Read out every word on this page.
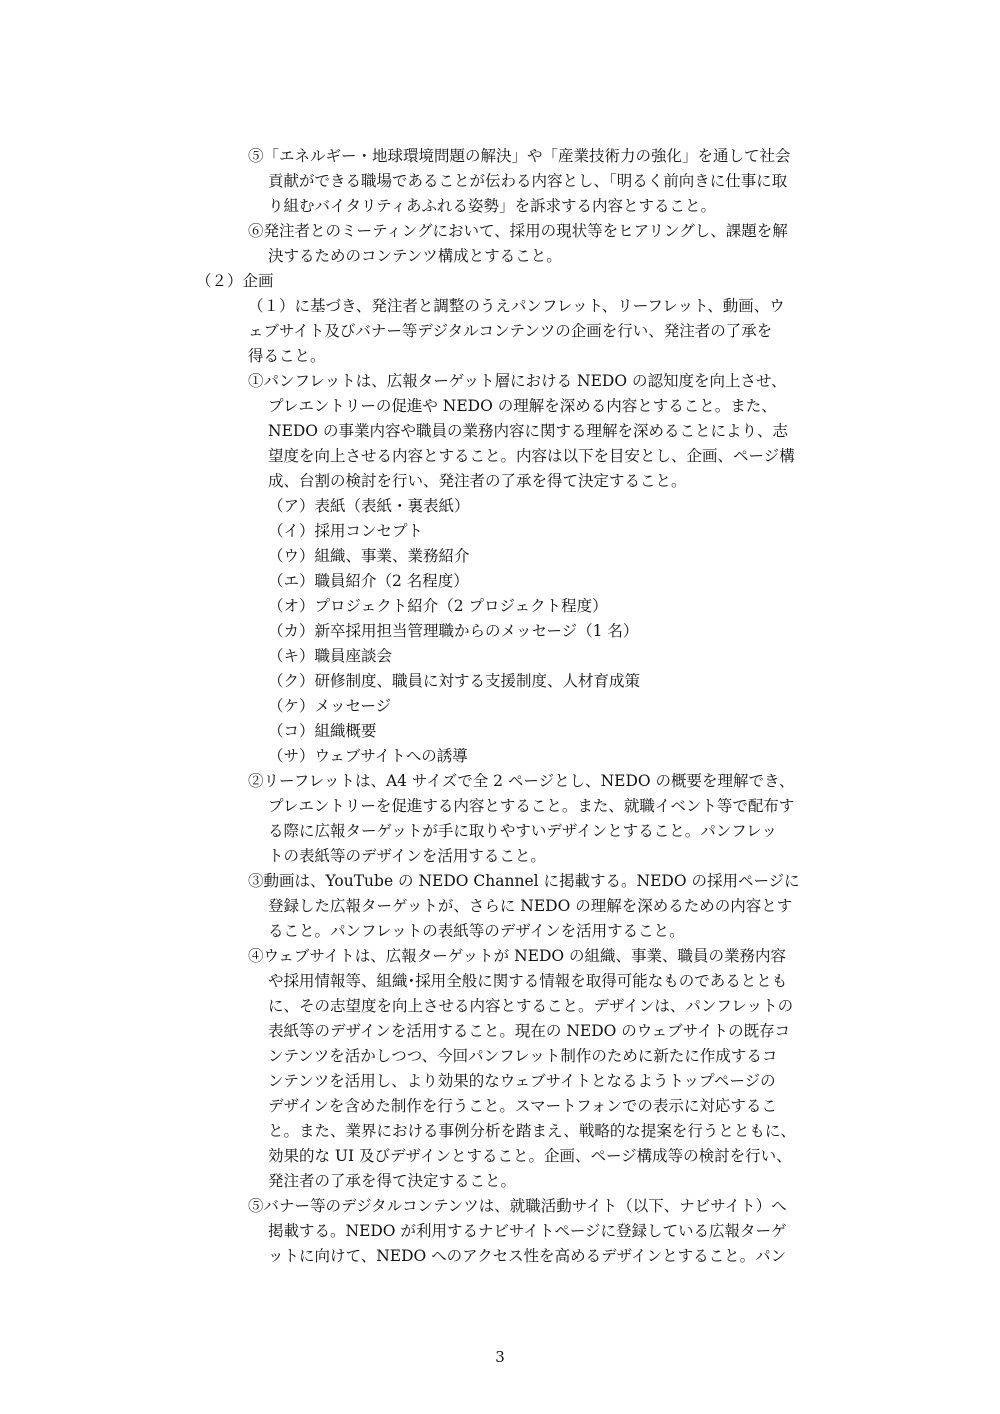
⑤「エネルギー・地球環境問題の解決」や「産業技術力の強化」を通して社会
貢献ができる職場であることが伝わる内容とし、「明るく前向きに仕事に取
り組むバイタリティあふれる姿勢」を訴求する内容とすること。
⑥発注者とのミーティングにおいて、採用の現状等をヒアリングし、課題を解
決するためのコンテンツ構成とすること。
（２）企画
（１）に基づき、発注者と調整のうえパンフレット、リーフレット、動画、ウ
ェブサイト及びバナー等デジタルコンテンツの企画を行い、発注者の了承を
得ること。
①パンフレットは、広報ターゲット層における NEDO の認知度を向上させ、
プレエントリーの促進や NEDO の理解を深める内容とすること。また、
NEDO の事業内容や職員の業務内容に関する理解を深めることにより、志
望度を向上させる内容とすること。内容は以下を目安とし、企画、ページ構
成、台割の検討を行い、発注者の了承を得て決定すること。
（ア）表紙（表紙・裏表紙）
（イ）採用コンセプト
（ウ）組織、事業、業務紹介
（エ）職員紹介（2 名程度）
（オ）プロジェクト紹介（2 プロジェクト程度）
（カ）新卒採用担当管理職からのメッセージ（1 名）
（キ）職員座談会
（ク）研修制度、職員に対する支援制度、人材育成策
（ケ）メッセージ
（コ）組織概要
（サ）ウェブサイトへの誘導
②リーフレットは、A4 サイズで全 2 ページとし、NEDO の概要を理解でき、
プレエントリーを促進する内容とすること。また、就職イベント等で配布す
る際に広報ターゲットが手に取りやすいデザインとすること。パンフレッ
トの表紙等のデザインを活用すること。
③動画は、YouTube の NEDO Channel に掲載する。NEDO の採用ページに
登録した広報ターゲットが、さらに NEDO の理解を深めるための内容とす
ること。パンフレットの表紙等のデザインを活用すること。
④ウェブサイトは、広報ターゲットが NEDO の組織、事業、職員の業務内容
や採用情報等、組織･採用全般に関する情報を取得可能なものであるととも
に、その志望度を向上させる内容とすること。デザインは、パンフレットの
表紙等のデザインを活用すること。現在の NEDO のウェブサイトの既存コ
ンテンツを活かしつつ、今回パンフレット制作のために新たに作成するコ
ンテンツを活用し、より効果的なウェブサイトとなるようトップページの
デザインを含めた制作を行うこと。スマートフォンでの表示に対応するこ
と。また、業界における事例分析を踏まえ、戦略的な提案を行うとともに、
効果的な UI 及びデザインとすること。企画、ページ構成等の検討を行い、
発注者の了承を得て決定すること。
⑤バナー等のデジタルコンテンツは、就職活動サイト（以下、ナビサイト）へ
掲載する。NEDO が利用するナビサイトページに登録している広報ターゲ
ットに向けて、NEDO へのアクセス性を高めるデザインとすること。パン
3
